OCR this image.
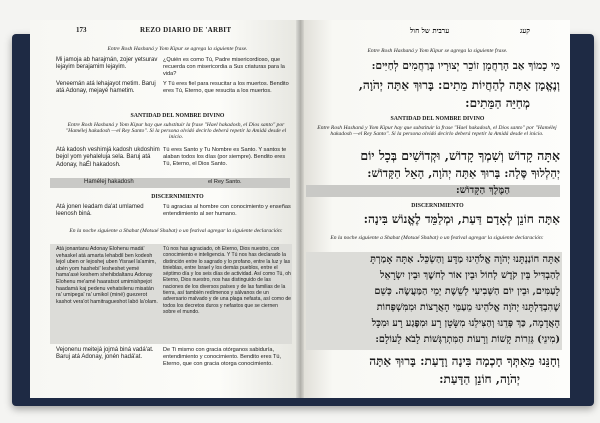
173	REZO DIARIO DE 'ARBIT
Entre Rosh Hashaná y Yom Kipur se agrega la siguiente frase.
Mi jamoja ab harajmán, zojer yetsurav lejayim berajamim lejayim.
¿Quién es como Tú, Padre misericordioso, que recuerda con misericordia a Sus criaturas para la vida?
Veneemán atá lehajayot metim. Baruj atá Adonay, mejayé hametim.
Y Tú eres fiel para resucitar a los muertos. Bendito eres Tú, Eterno, que resucita a los muertos.
SANTIDAD DEL NOMBRE DIVINO
Entre Rosh Hashaná y Yom Kipur hay que substituir la frase "Hael hakadosh, el Dios santo" por "Hamélej hakadosh —el Rey Santo". Si la persona olvidó decirlo deberá repetir la Amidá desde el inicio.
Atá kadosh veshimjá kadosh ukdoshim bejol yom yehaleluja sela. Baruj atá Adonay, haÉl hakadosh.
Tú eres Santo y Tu Nombre es Santo. Y santos te alaban todos los días (por siempre). Bendito eres Tú, Eterno, el Dios Santo.
Hamélej hakadosh	el Rey Santo.
DISCERNIMIENTO
Atá jonen leadam da'at umlamed leenosh biná.
Tú agracias al hombre con conocimiento y enseñas entendimiento al ser humano.
En la noche siguiente a Shabat (Motsaé Shabat) o un festival agregar la siguiente declaración:
Atá jonantanu Adonay Elohenu madá' vehaskel atá amarta lehabdil ben kodesh lejol uben or lejoshej uben Yisrael la'amim, ubén yom hashebí' lesheshet yemé hama'asé keshem shehibdaltanu Adonay Elohenu me'amé haaratsot umimishpejot haadamá kaj pedenu vehatsilenu misatán ra' umipega' ra' umikol (miné) guezerot kashot vera'ot hamitragueshot labó la'olam.
Tú nos has agraciado, oh Eterno, Dios nuestro, con conocimiento e inteligencia. Y Tú nos has declarado la distinción entre lo sagrado y lo profano, entre la luz y las tinieblas, entre Israel y los demás pueblos, entre el séptimo día y los seis días de actividad. Así como Tú, oh Eterno, Dios nuestro, nos has distinguido de las naciones de los diversos países y de las familias de la tierra, así también redímenos y sálvanos de un adversario malvado y de una plaga nefasta, así como de todos los decretos duros y nefastos que se ciernen sobre el mundo.
Vejonenu meitejá jojmá biná vadá'at. Baruj atá Adonay, jonén hadá'at.
De Ti mismo con gracia otórganos sabiduría, entendimiento y conocimiento. Bendito eres Tú, Eterno, que con gracia otorga conocimiento.
ערבית של חול	קעג
Entre Rosh Hashaná y Yom Kipur se agrega la siguiente frase.
מִי כָמוֹךָ אַב הָרַחֲמָן זוֹכֵר יְצוּרָיו בְּרַחֲמִים לְחַיִּים:
וְנֶאֱמָן אַתָּה לְהַחֲיוֹת מֵתִים: בָּרוּךְ אַתָּה יְהֹוָה,
מְחַיֵּה הַמֵּתִים:
SANTIDAD DEL NOMBRE DIVINO
Entre Rosh Hashaná y Yom Kipur hay que substituir la frase "Hael hakadosh, el Dios santo" por "Hamélej hakadosh —el Rey Santo". Si la persona olvidó decirlo deberá repetir la Amidá desde el inicio.
אַתָּה קָדוֹשׁ וְשִׁמְךָ קָדוֹשׁ, וּקְדוֹשִׁים בְּכָל יוֹם
יְהַלְלוּךָ סֶּלָה: בָּרוּךְ אַתָּה יְהֹוָה, הָאֵל הַקָּדוֹשׁ:
הַמֶּלֶךְ הַקָּדוֹשׁ:
DISCERNIMIENTO
אַתָּה חוֹנֵן לְאָדָם דַּעַת, וּמְלַמֵּד לֶאֱנוֹשׁ בִּינָה:
En la noche siguiente a Shabat (Motsaé Shabat) o un festival agregar la siguiente declaración:
אַתָּה חוֹנַנְתָּנוּ יְהֹוָה אֱלֹהֵינוּ מַדָּע וְהַשְׂכֵּל. אַתָּה אָמַרְתָּ
לְהַבְדִּיל בֵּין קֹדֶשׁ לְחוֹל וּבֵין אוֹר לְחשֶׁךְ וּבֵין יִשְׂרָאֵל
לָעַמִּים, וּבֵין יוֹם הַשְּׁבִיעִי לְשֵׁשֶׁת יְמֵי הַמַּעֲשֶׂה. כְּשֵׁם
שֶׁהִבְדַּלְתָּנוּ יְהֹוָה אֱלֹהֵינוּ מֵעַמֵּי הָאֲרָצוֹת וּמִמִּשְׁפְּחוֹת
הָאֲדָמָה, כַּךְ פְּדֵנוּ וְהַצִּילֵנוּ מִשָּׂטָן רָע וּמִפֶּגַע רָע וּמִכָּל
(מִינֵי) גְּזֵרוֹת קָשׁוֹת וְרָעוֹת הַמִּתְרַגְּשׁוֹת לָבֹא לָעוֹלָם:
וְחָנֵּנוּ מֵאִתְּךָ חָכְמָה בִּינָה וָדָעַת: בָּרוּךְ אַתָּה
יְהֹוָה, חוֹנֵן הַדָּעַת:
